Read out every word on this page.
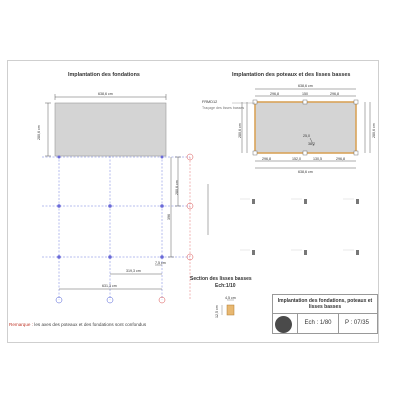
Implantation des fondations
638,6 cm
280,6 cm
280,6 cm
396
7,5 cm
319,3 cm
631,3 cm
Implantation des poteaux et des lisses basses
638,6 cm
296,8	150	296,8
296,8	152,0	130,5	296,8
638,6 cm
280,6 cm	280,6 cm
FRMD12
Traçage des lisses basses
25,0
38,2
Section des lisses basses
Ech:1/10
4,5 cm
12,5 cm
Remarque : les axes des poteaux et des fondations sont confondus
Implantation des fondations, poteaux et lisses basses
Ech : 1/80	P : 07/35
